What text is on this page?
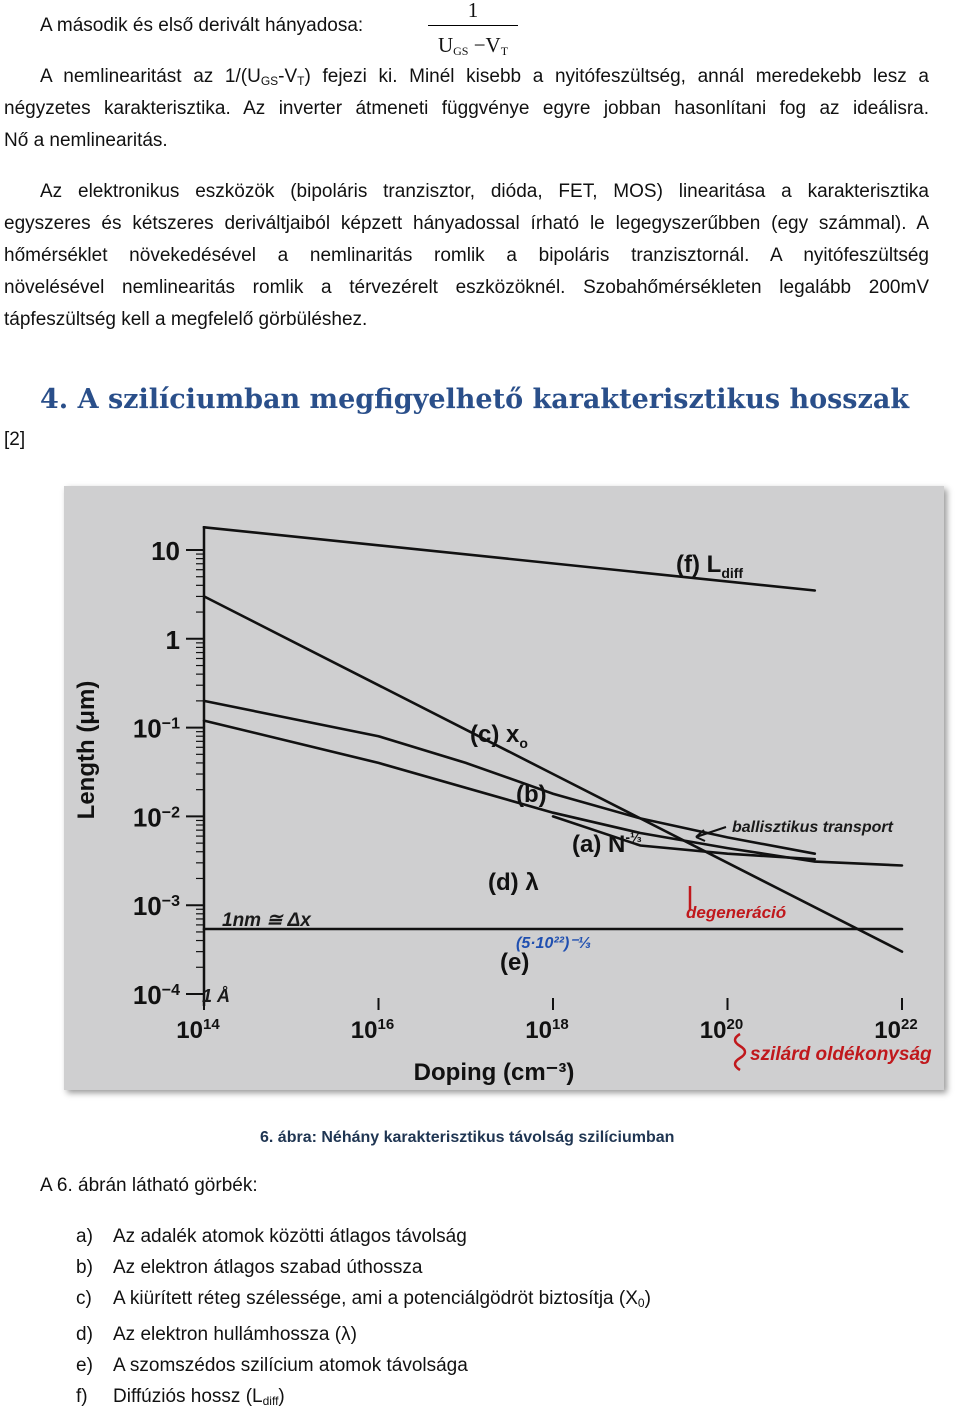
A második és első derivált hányadosa:
1
$U_{GS} -V_T$
A nemlinearitást az $1/(U_{GS}-V_T)$ fejezi ki. Minél kisebb a nyitófeszültség, annál meredekebb lesz a
négyzetes karakterisztika. Az inverter átmeneti függvénye egyre jobban hasonlítani fog az ideálisra.
Nő a nemlinearitás.
Az elektronikus eszközök (bipoláris tranzisztor, dióda, FET, MOS) linearitása a karakterisztika
egyszeres és kétszeres deriváltjaiból képzett hányadossal írható le legegyszerűbben (egy számmal). A
hőmérséklet növekedésével a nemlinaritás romlik a bipoláris tranzisztornál. A nyitófeszültség
növelésével nemlinearitás romlik a térvezérelt eszközöknél. Szobahőmérsékleten legalább 200mV
tápfeszültség kell a megfelelő görbüléshez.
4. A szilíciumban megfigyelhető karakterisztikus hosszak
[2]
10
1
$10^{-1}$
$10^{-2}$
$10^{-3}$
$10^{-4}$
$10^{14}$	$10^{16}$	$10^{18}$	$10^{20}$	$10^{22}$
Length (μm)
Doping (cm⁻³)
(f) $L_{diff}$
(c) $x_o$
(b)
(a) $N^{-\frac{1}{3}}$
(d) λ
(e)
ballisztikus transport
(5·10²²)⁻⅓
degeneráció
1nm ≅ Δx
1 Å
szilárd oldékonyság
6. ábra: Néhány karakterisztikus távolság szilíciumban
A 6. ábrán látható görbék:
a) Az adalék atomok közötti átlagos távolság
b) Az elektron átlagos szabad úthossza
c) A kiürített réteg szélessége, ami a potenciálgödröt biztosítja $(X_0)$
d) Az elektron hullámhossza (λ)
e) A szomszédos szilícium atomok távolsága
f) Diffúziós hossz $(L_{diff})$
